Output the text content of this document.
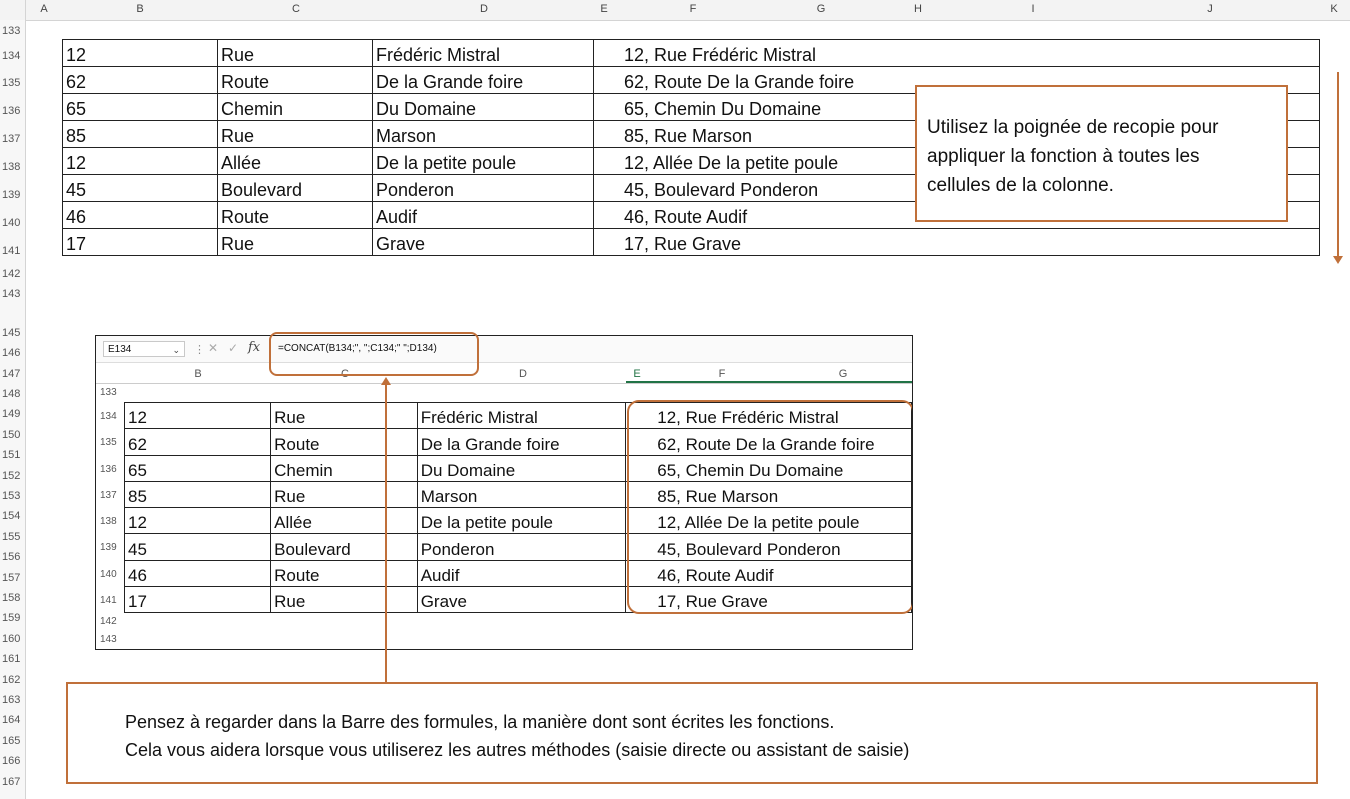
A	B	C	D	E	F	G	H	I	J	K
133
134
135
136
137
138
139
140
141
142
143
145
146
147
148
149
150
151
152
153
154
155
156
157
158
159
160
161
162
163
164
165
166
167
12	Rue	Frédéric Mistral	12, Rue Frédéric Mistral
62	Route	De la Grande foire	62, Route De la Grande foire
65	Chemin	Du Domaine	65, Chemin Du Domaine
85	Rue	Marson	85, Rue Marson
12	Allée	De la petite poule	12, Allée De la petite poule
45	Boulevard	Ponderon	45, Boulevard Ponderon
46	Route	Audif	46, Route Audif
17	Rue	Grave	17, Rue Grave
Utilisez la poignée de recopie pour
appliquer la fonction à toutes les
cellules de la colonne.
E134	⌄ ⋮ ✕ ✓ fx =CONCAT(B134;", ";C134;" ";D134)
B	C	D	E	F	G
133
134
135
136
137
138
139
140
141
142
143
12	Rue	Frédéric Mistral	12, Rue Frédéric Mistral
62	Route	De la Grande foire	62, Route De la Grande foire
65	Chemin	Du Domaine	65, Chemin Du Domaine
85	Rue	Marson	85, Rue Marson
12	Allée	De la petite poule	12, Allée De la petite poule
45	Boulevard	Ponderon	45, Boulevard Ponderon
46	Route	Audif	46, Route Audif
17	Rue	Grave	17, Rue Grave
Pensez à regarder dans la Barre des formules, la manière dont sont écrites les fonctions.
Cela vous aidera lorsque vous utiliserez les autres méthodes (saisie directe ou assistant de saisie)
